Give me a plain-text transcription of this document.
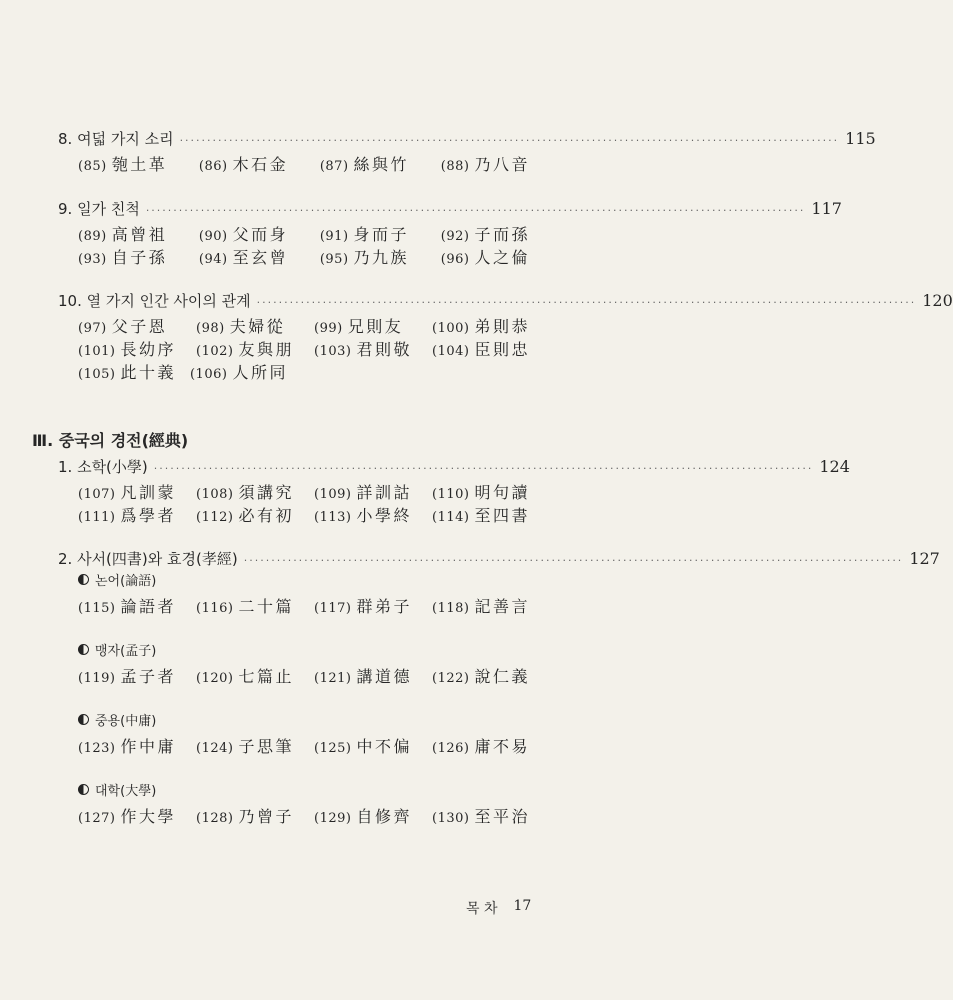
8. 여덟 가지 소리 ························································································································ 115
(85) 匏土革 (86) 木石金 (87) 絲與竹 (88) 乃八音
9. 일가 친척 ························································································································ 117
(89) 高曾祖 (90) 父而身 (91) 身而子 (92) 子而孫
(93) 自子孫 (94) 至玄曾 (95) 乃九族 (96) 人之倫
10. 열 가지 인간 사이의 관계 ························································································································ 120
(97) 父子恩 (98) 夫婦從 (99) 兄則友 (100) 弟則恭
(101) 長幼序 (102) 友與朋 (103) 君則敬 (104) 臣則忠
(105) 此十義 (106) 人所同
1. 소학(小學) ························································································································ 124
(107) 凡訓蒙 (108) 須講究 (109) 詳訓詁 (110) 明句讀
(111) 爲學者 (112) 必有初 (113) 小學終 (114) 至四書
2. 사서(四書)와 효경(孝經) ························································································································ 127
논어(論語)
(115) 論語者 (116) 二十篇 (117) 群弟子 (118) 記善言
맹자(孟子)
(119) 孟子者 (120) 七篇止 (121) 講道德 (122) 說仁義
중용(中庸)
(123) 作中庸 (124) 子思筆 (125) 中不偏 (126) 庸不易
대학(大學)
(127) 作大學 (128) 乃曾子 (129) 自修齊 (130) 至平治
Ⅲ. 중국의 경전(經典)
목 차 17
